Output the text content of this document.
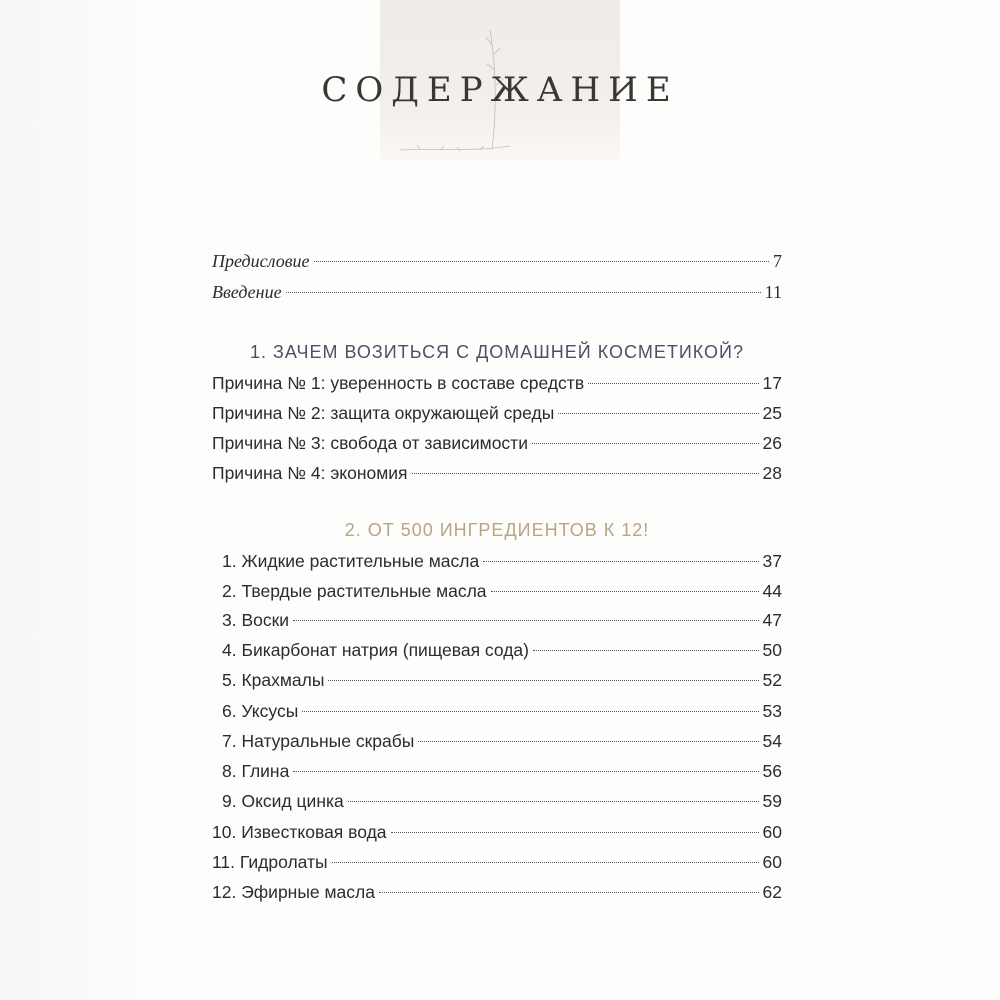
СОДЕРЖАНИЕ
Предисловие	7
Введение	11
1. ЗАЧЕМ ВОЗИТЬСЯ С ДОМАШНЕЙ КОСМЕТИКОЙ?
Причина № 1: уверенность в составе средств	17
Причина № 2: защита окружающей среды	25
Причина № 3: свобода от зависимости	26
Причина № 4: экономия	28
2. ОТ 500 ИНГРЕДИЕНТОВ К 12!
1. Жидкие растительные масла	37
2. Твердые растительные масла	44
3. Воски	47
4. Бикарбонат натрия (пищевая сода)	50
5. Крахмалы	52
6. Уксусы	53
7. Натуральные скрабы	54
8. Глина	56
9. Оксид цинка	59
10. Известковая вода	60
11. Гидролаты	60
12. Эфирные масла	62
